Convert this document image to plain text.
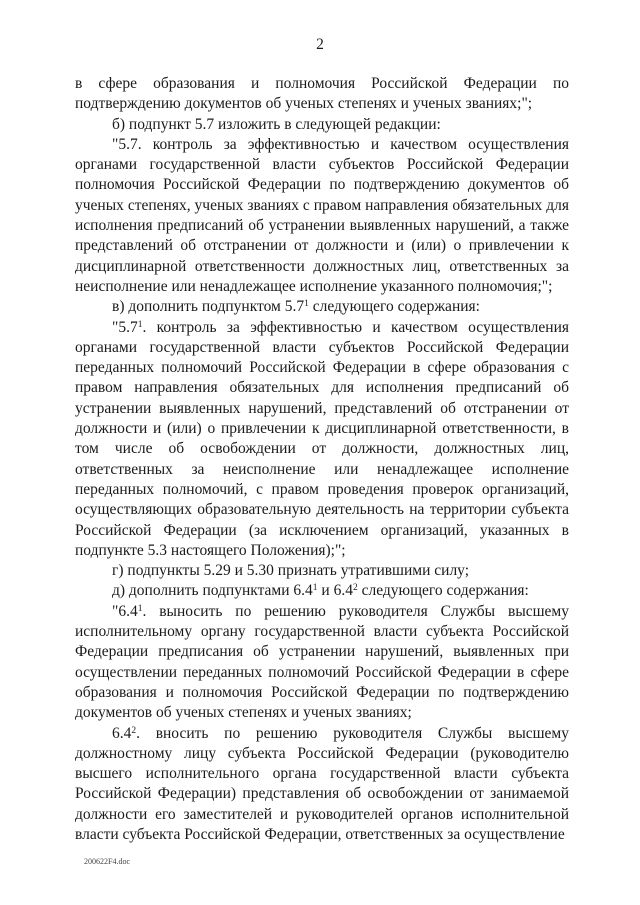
2

в сфере образования и полномочия Российской Федерации по подтверждению документов об ученых степенях и ученых званиях;";

б) подпункт 5.7 изложить в следующей редакции:

"5.7. контроль за эффективностью и качеством осуществления органами государственной власти субъектов Российской Федерации полномочия Российской Федерации по подтверждению документов об ученых степенях, ученых званиях с правом направления обязательных для исполнения предписаний об устранении выявленных нарушений, а также представлений об отстранении от должности и (или) о привлечении к дисциплинарной ответственности должностных лиц, ответственных за неисполнение или ненадлежащее исполнение указанного полномочия;";

в) дополнить подпунктом $5.7^1$ следующего содержания:

"$5.7^1$. контроль за эффективностью и качеством осуществления органами государственной власти субъектов Российской Федерации переданных полномочий Российской Федерации в сфере образования с правом направления обязательных для исполнения предписаний об устранении выявленных нарушений, представлений об отстранении от должности и (или) о привлечении к дисциплинарной ответственности, в том числе об освобождении от должности, должностных лиц, ответственных за неисполнение или ненадлежащее исполнение переданных полномочий, с правом проведения проверок организаций, осуществляющих образовательную деятельность на территории субъекта Российской Федерации (за исключением организаций, указанных в подпункте 5.3 настоящего Положения);";

г) подпункты 5.29 и 5.30 признать утратившими силу;

д) дополнить подпунктами $6.4^1$ и $6.4^2$ следующего содержания:

"$6.4^1$. выносить по решению руководителя Службы высшему исполнительному органу государственной власти субъекта Российской Федерации предписания об устранении нарушений, выявленных при осуществлении переданных полномочий Российской Федерации в сфере образования и полномочия Российской Федерации по подтверждению документов об ученых степенях и ученых званиях;

$6.4^2$. вносить по решению руководителя Службы высшему должностному лицу субъекта Российской Федерации (руководителю высшего исполнительного органа государственной власти субъекта Российской Федерации) представления об освобождении от занимаемой должности его заместителей и руководителей органов исполнительной власти субъекта Российской Федерации, ответственных за осуществление

200622F4.doc
